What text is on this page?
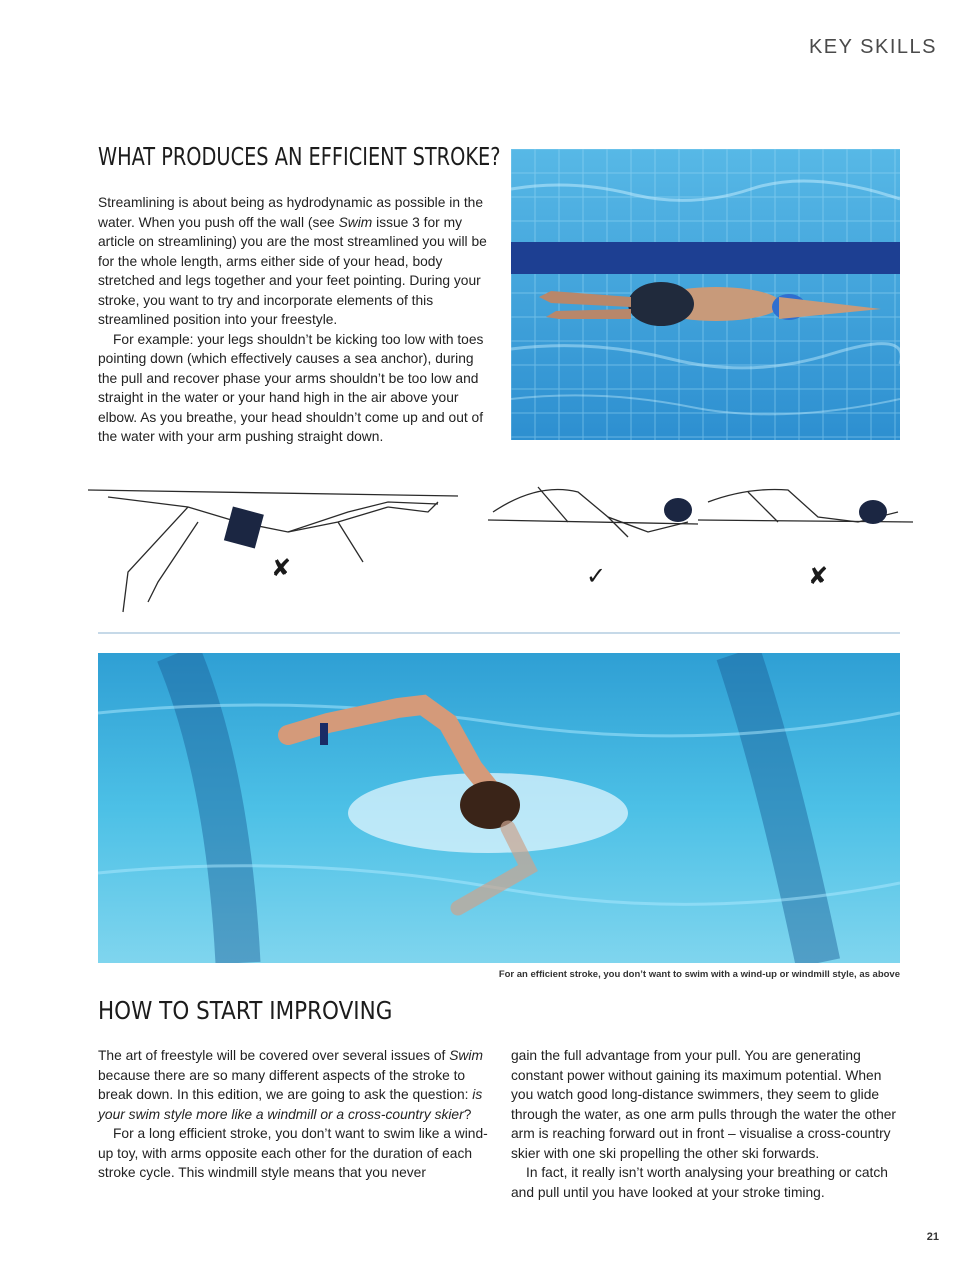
KEY SKILLS
WHAT PRODUCES AN EFFICIENT STROKE?

Streamlining is about being as hydrodynamic as possible in the water. When you push off the wall (see Swim issue 3 for my article on streamlining) you are the most streamlined you will be for the whole length, arms either side of your head, body stretched and legs together and your feet pointing. During your stroke, you want to try and incorporate elements of this streamlined position into your freestyle.

For example: your legs shouldn’t be kicking too low with toes pointing down (which effectively causes a sea anchor), during the pull and recover phase your arms shouldn’t be too low and straight in the water or your hand high in the air above your elbow. As you breathe, your head shouldn’t come up and out of the water with your arm pushing straight down.

✘	✓	✘
For an efficient stroke, you don’t want to swim with a wind-up or windmill style, as above
HOW TO START IMPROVING

The art of freestyle will be covered over several issues of Swim because there are so many different aspects of the stroke to break down. In this edition, we are going to ask the question: is your swim style more like a windmill or a cross-country skier?

For a long efficient stroke, you don’t want to swim like a wind-up toy, with arms opposite each other for the duration of each stroke cycle. This windmill style means that you never

gain the full advantage from your pull. You are generating constant power without gaining its maximum potential. When you watch good long-distance swimmers, they seem to glide through the water, as one arm pulls through the water the other arm is reaching forward out in front – visualise a cross-country skier with one ski propelling the other ski forwards.

In fact, it really isn’t worth analysing your breathing or catch and pull until you have looked at your stroke timing.

21
